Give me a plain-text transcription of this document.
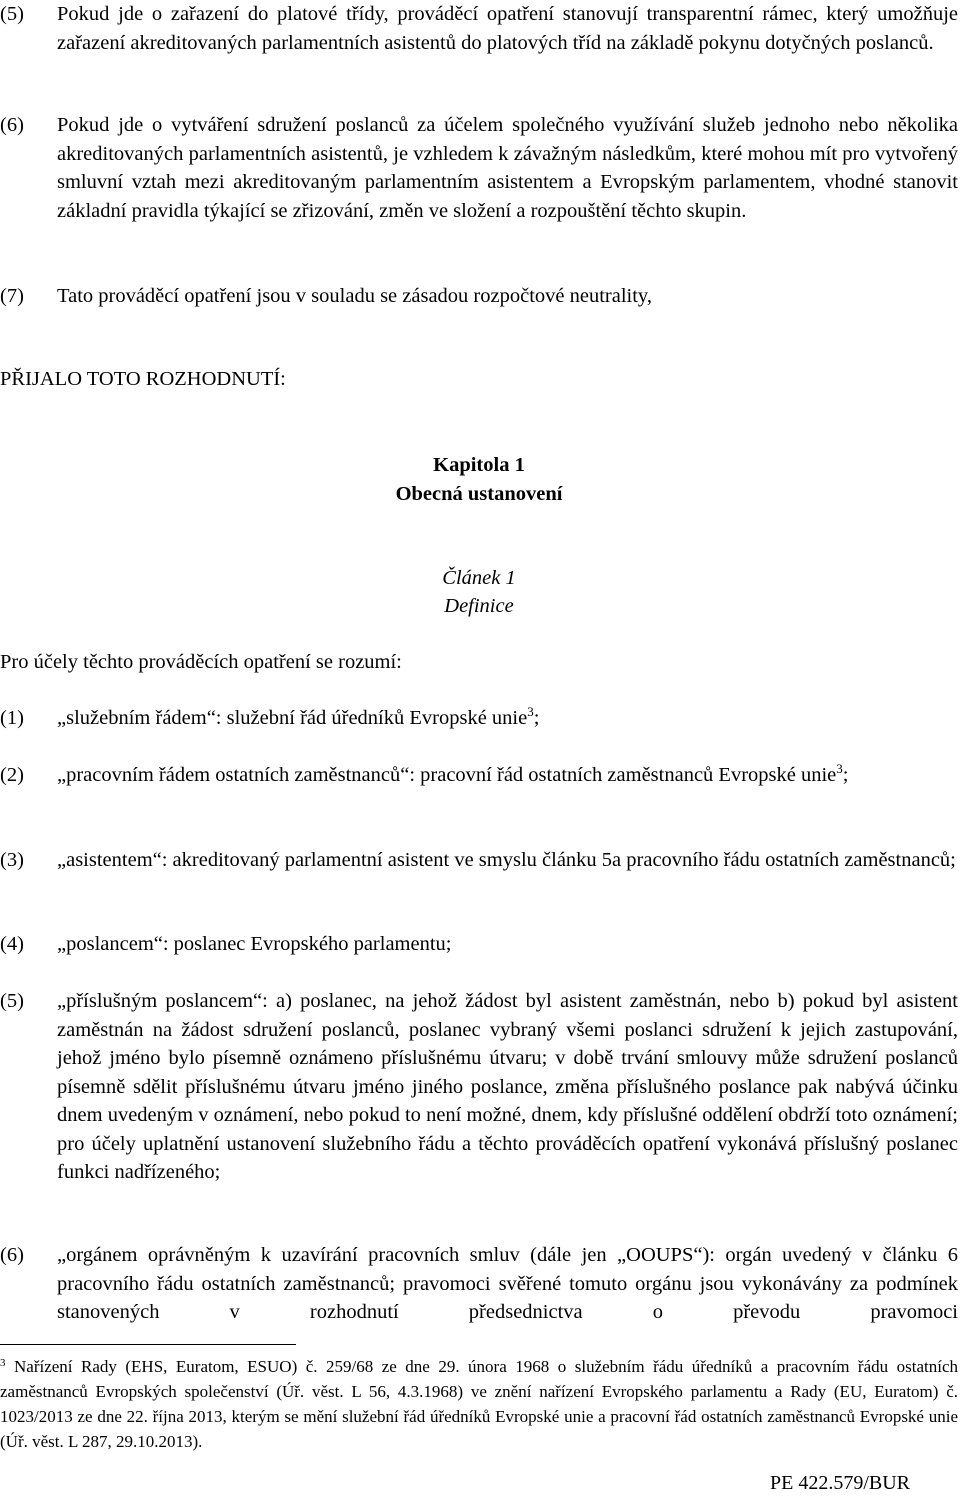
(5)	Pokud jde o zařazení do platové třídy, prováděcí opatření stanovují transparentní rámec, který umožňuje zařazení akreditovaných parlamentních asistentů do platových tříd na základě pokynu dotyčných poslanců.
(6)	Pokud jde o vytváření sdružení poslanců za účelem společného využívání služeb jednoho nebo několika akreditovaných parlamentních asistentů, je vzhledem k závažným následkům, které mohou mít pro vytvořený smluvní vztah mezi akreditovaným parlamentním asistentem a Evropským parlamentem, vhodné stanovit základní pravidla týkající se zřizování, změn ve složení a rozpouštění těchto skupin.
(7)	Tato prováděcí opatření jsou v souladu se zásadou rozpočtové neutrality,
PŘIJALO TOTO ROZHODNUTÍ:
Kapitola 1
Obecná ustanovení
Článek 1
Definice
Pro účely těchto prováděcích opatření se rozumí:
(1)	„služebním řádem“: služební řád úředníků Evropské unie$^3$;
(2)	„pracovním řádem ostatních zaměstnanců“: pracovní řád ostatních zaměstnanců Evropské unie$^3$;
(3)	„asistentem“: akreditovaný parlamentní asistent ve smyslu článku 5a pracovního řádu ostatních zaměstnanců;
(4)	„poslancem“: poslanec Evropského parlamentu;
(5)	„příslušným poslancem“: a) poslanec, na jehož žádost byl asistent zaměstnán, nebo b) pokud byl asistent zaměstnán na žádost sdružení poslanců, poslanec vybraný všemi poslanci sdružení k jejich zastupování, jehož jméno bylo písemně oznámeno příslušnému útvaru; v době trvání smlouvy může sdružení poslanců písemně sdělit příslušnému útvaru jméno jiného poslance, změna příslušného poslance pak nabývá účinku dnem uvedeným v oznámení, nebo pokud to není možné, dnem, kdy příslušné oddělení obdrží toto oznámení; pro účely uplatnění ustanovení služebního řádu a těchto prováděcích opatření vykonává příslušný poslanec funkci nadřízeného;
(6)	„orgánem oprávněným k uzavírání pracovních smluv (dále jen „OOUPS“): orgán uvedený v článku 6 pracovního řádu ostatních zaměstnanců; pravomoci svěřené tomuto orgánu jsou vykonávány za podmínek stanovených v rozhodnutí předsednictva o převodu pravomoci
$^3$ Nařízení Rady (EHS, Euratom, ESUO) č. 259/68 ze dne 29. února 1968 o služebním řádu úředníků a pracovním řádu ostatních zaměstnanců Evropských společenství (Úř. věst. L 56, 4.3.1968) ve znění nařízení Evropského parlamentu a Rady (EU, Euratom) č. 1023/2013 ze dne 22. října 2013, kterým se mění služební řád úředníků Evropské unie a pracovní řád ostatních zaměstnanců Evropské unie (Úř. věst. L 287, 29.10.2013).
PE 422.579/BUR
